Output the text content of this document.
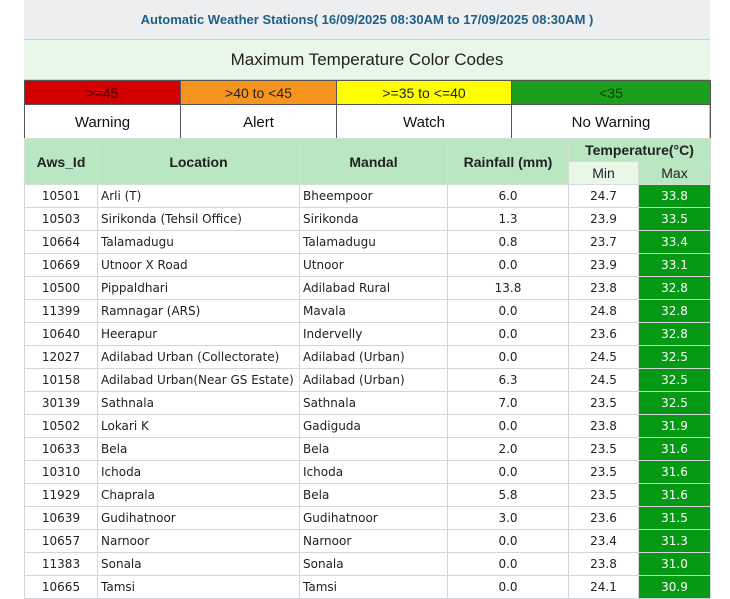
Automatic Weather Stations( 16/09/2025 08:30AM to 17/09/2025 08:30AM )
Maximum Temperature Color Codes
>=45	>40 to <45	>=35 to <=40	<35
Warning	Alert	Watch	No Warning
Aws_Id	Location	Mandal	Rainfall (mm)	Temperature(°C)	
				Min	Max
10501	Arli (T)	Bheempoor	6.0	24.7	33.8
10503	Sirikonda (Tehsil Office)	Sirikonda	1.3	23.9	33.5
10664	Talamadugu	Talamadugu	0.8	23.7	33.4
10669	Utnoor X Road	Utnoor	0.0	23.9	33.1
10500	Pippaldhari	Adilabad Rural	13.8	23.8	32.8
11399	Ramnagar (ARS)	Mavala	0.0	24.8	32.8
10640	Heerapur	Indervelly	0.0	23.6	32.8
12027	Adilabad Urban (Collectorate)	Adilabad (Urban)	0.0	24.5	32.5
10158	Adilabad Urban(Near GS Estate)	Adilabad (Urban)	6.3	24.5	32.5
30139	Sathnala	Sathnala	7.0	23.5	32.5
10502	Lokari K	Gadiguda	0.0	23.8	31.9
10633	Bela	Bela	2.0	23.5	31.6
10310	Ichoda	Ichoda	0.0	23.5	31.6
11929	Chaprala	Bela	5.8	23.5	31.6
10639	Gudihatnoor	Gudihatnoor	3.0	23.6	31.5
10657	Narnoor	Narnoor	0.0	23.4	31.3
11383	Sonala	Sonala	0.0	23.8	31.0
10665	Tamsi	Tamsi	0.0	24.1	30.9
